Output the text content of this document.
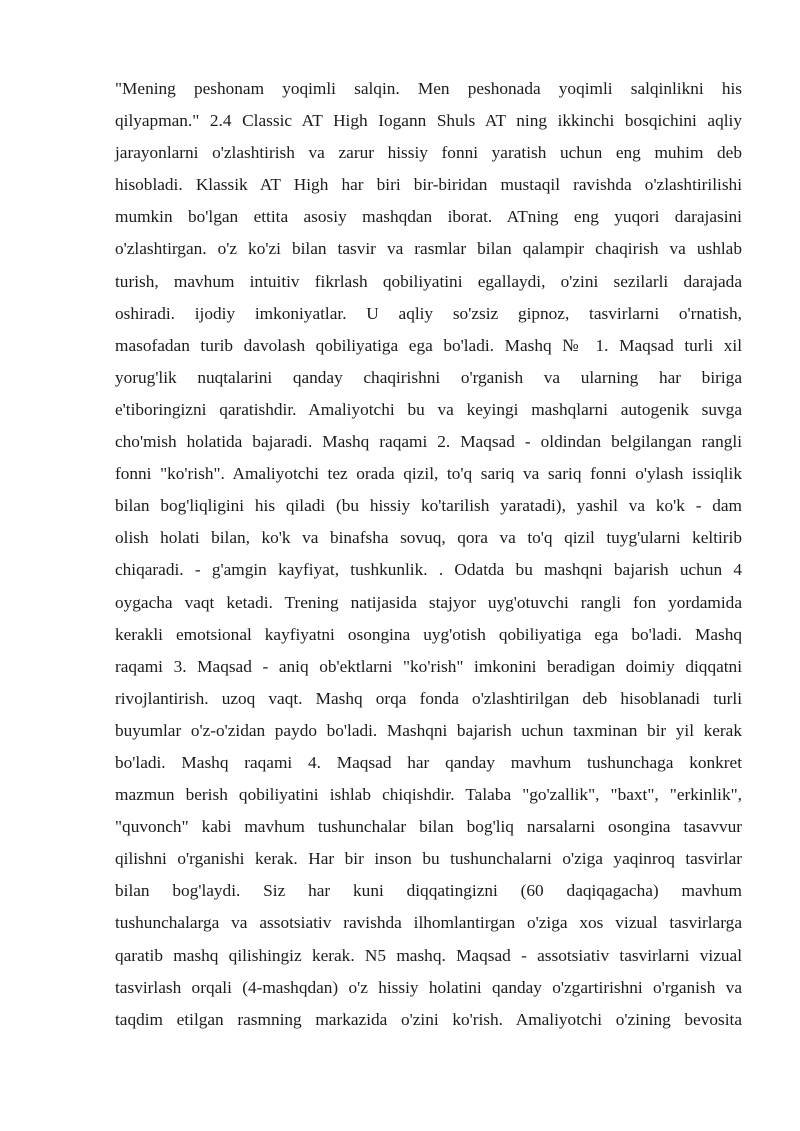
"Mening peshonam yoqimli salqin. Men peshonada yoqimli salqinlikni his
qilyapman." 2.4 Classic AT High Iogann Shuls AT ning ikkinchi bosqichini aqliy
jarayonlarni o'zlashtirish va zarur hissiy fonni yaratish uchun eng muhim deb
hisobladi. Klassik AT High har biri bir-biridan mustaqil ravishda o'zlashtirilishi
mumkin bo'lgan ettita asosiy mashqdan iborat. ATning eng yuqori darajasini
o'zlashtirgan. o'z ko'zi bilan tasvir va rasmlar bilan qalampir chaqirish va ushlab
turish, mavhum intuitiv fikrlash qobiliyatini egallaydi, o'zini sezilarli darajada
oshiradi. ijodiy imkoniyatlar. U aqliy so'zsiz gipnoz, tasvirlarni o'rnatish,
masofadan turib davolash qobiliyatiga ega bo'ladi. Mashq № 1. Maqsad turli xil
yorug'lik nuqtalarini qanday chaqirishni o'rganish va ularning har biriga
e'tiboringizni qaratishdir. Amaliyotchi bu va keyingi mashqlarni autogenik suvga
cho'mish holatida bajaradi. Mashq raqami 2. Maqsad - oldindan belgilangan rangli
fonni "ko'rish". Amaliyotchi tez orada qizil, to'q sariq va sariq fonni o'ylash issiqlik
bilan bog'liqligini his qiladi (bu hissiy ko'tarilish yaratadi), yashil va ko'k - dam
olish holati bilan, ko'k va binafsha sovuq, qora va to'q qizil tuyg'ularni keltirib
chiqaradi. - g'amgin kayfiyat, tushkunlik. . Odatda bu mashqni bajarish uchun 4
oygacha vaqt ketadi. Trening natijasida stajyor uyg'otuvchi rangli fon yordamida
kerakli emotsional kayfiyatni osongina uyg'otish qobiliyatiga ega bo'ladi. Mashq
raqami 3. Maqsad - aniq ob'ektlarni "ko'rish" imkonini beradigan doimiy diqqatni
rivojlantirish. uzoq vaqt. Mashq orqa fonda o'zlashtirilgan deb hisoblanadi turli
buyumlar o'z-o'zidan paydo bo'ladi. Mashqni bajarish uchun taxminan bir yil kerak
bo'ladi. Mashq raqami 4. Maqsad har qanday mavhum tushunchaga konkret
mazmun berish qobiliyatini ishlab chiqishdir. Talaba "go'zallik", "baxt", "erkinlik",
"quvonch" kabi mavhum tushunchalar bilan bog'liq narsalarni osongina tasavvur
qilishni o'rganishi kerak. Har bir inson bu tushunchalarni o'ziga yaqinroq tasvirlar
bilan bog'laydi. Siz har kuni diqqatingizni (60 daqiqagacha) mavhum
tushunchalarga va assotsiativ ravishda ilhomlantirgan o'ziga xos vizual tasvirlarga
qaratib mashq qilishingiz kerak. N5 mashq. Maqsad - assotsiativ tasvirlarni vizual
tasvirlash orqali (4-mashqdan) o'z hissiy holatini qanday o'zgartirishni o'rganish va
taqdim etilgan rasmning markazida o'zini ko'rish. Amaliyotchi o'zining bevosita
